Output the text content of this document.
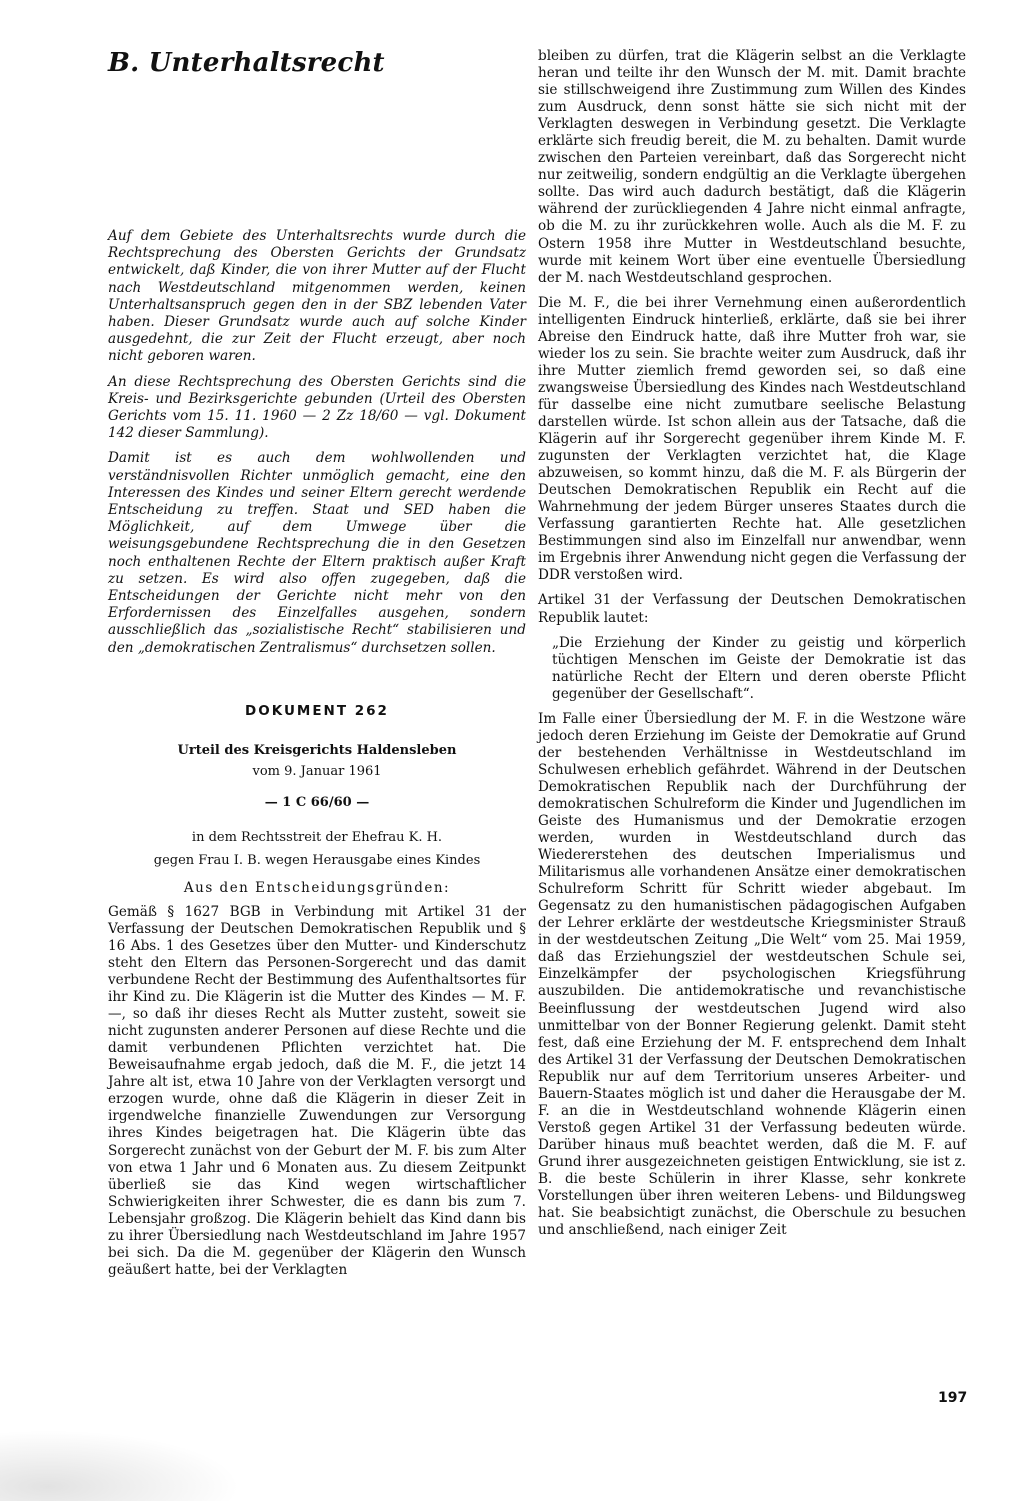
B. Unterhaltsrecht

Auf dem Gebiete des Unterhaltsrechts wurde durch die Rechtsprechung des Obersten Gerichts der Grundsatz entwickelt, daß Kinder, die von ihrer Mutter auf der Flucht nach Westdeutschland mitgenommen werden, keinen Unterhaltsanspruch gegen den in der SBZ lebenden Vater haben. Dieser Grundsatz wurde auch auf solche Kinder ausgedehnt, die zur Zeit der Flucht erzeugt, aber noch nicht geboren waren.

An diese Rechtsprechung des Obersten Gerichts sind die Kreis- und Bezirksgerichte gebunden (Urteil des Obersten Gerichts vom 15. 11. 1960 — 2 Zz 18/60 — vgl. Dokument 142 dieser Sammlung).

Damit ist es auch dem wohlwollenden und verständnisvollen Richter unmöglich gemacht, eine den Interessen des Kindes und seiner Eltern gerecht werdende Entscheidung zu treffen. Staat und SED haben die Möglichkeit, auf dem Umwege über die weisungsgebundene Rechtsprechung die in den Gesetzen noch enthaltenen Rechte der Eltern praktisch außer Kraft zu setzen. Es wird also offen zugegeben, daß die Entscheidungen der Gerichte nicht mehr von den Erfordernissen des Einzelfalles ausgehen, sondern ausschließlich das „sozialistische Recht“ stabilisieren und den „demokratischen Zentralismus“ durchsetzen sollen.

DOKUMENT 262
Urteil des Kreisgerichts Haldensleben
vom 9. Januar 1961
— 1 C 66/60 —
in dem Rechtsstreit der Ehefrau K. H.
gegen Frau I. B. wegen Herausgabe eines Kindes
Aus den Entscheidungsgründen:

Gemäß § 1627 BGB in Verbindung mit Artikel 31 der Verfassung der Deutschen Demokratischen Republik und § 16 Abs. 1 des Gesetzes über den Mutter- und Kinderschutz steht den Eltern das Personen-Sorgerecht und das damit verbundene Recht der Bestimmung des Aufenthaltsortes für ihr Kind zu. Die Klägerin ist die Mutter des Kindes — M. F. —, so daß ihr dieses Recht als Mutter zusteht, soweit sie nicht zugunsten anderer Personen auf diese Rechte und die damit verbundenen Pflichten verzichtet hat. Die Beweisaufnahme ergab jedoch, daß die M. F., die jetzt 14 Jahre alt ist, etwa 10 Jahre von der Verklagten versorgt und erzogen wurde, ohne daß die Klägerin in dieser Zeit in irgendwelche finanzielle Zuwendungen zur Versorgung ihres Kindes beigetragen hat. Die Klägerin übte das Sorgerecht zunächst von der Geburt der M. F. bis zum Alter von etwa 1 Jahr und 6 Monaten aus. Zu diesem Zeitpunkt überließ sie das Kind wegen wirtschaftlicher Schwierigkeiten ihrer Schwester, die es dann bis zum 7. Lebensjahr großzog. Die Klägerin behielt das Kind dann bis zu ihrer Übersiedlung nach Westdeutschland im Jahre 1957 bei sich. Da die M. gegenüber der Klägerin den Wunsch geäußert hatte, bei der Verklagten

bleiben zu dürfen, trat die Klägerin selbst an die Verklagte heran und teilte ihr den Wunsch der M. mit. Damit brachte sie stillschweigend ihre Zustimmung zum Willen des Kindes zum Ausdruck, denn sonst hätte sie sich nicht mit der Verklagten deswegen in Verbindung gesetzt. Die Verklagte erklärte sich freudig bereit, die M. zu behalten. Damit wurde zwischen den Parteien vereinbart, daß das Sorgerecht nicht nur zeitweilig, sondern endgültig an die Verklagte übergehen sollte. Das wird auch dadurch bestätigt, daß die Klägerin während der zurückliegenden 4 Jahre nicht einmal anfragte, ob die M. zu ihr zurückkehren wolle. Auch als die M. F. zu Ostern 1958 ihre Mutter in Westdeutschland besuchte, wurde mit keinem Wort über eine eventuelle Übersiedlung der M. nach Westdeutschland gesprochen.

Die M. F., die bei ihrer Vernehmung einen außerordentlich intelligenten Eindruck hinterließ, erklärte, daß sie bei ihrer Abreise den Eindruck hatte, daß ihre Mutter froh war, sie wieder los zu sein. Sie brachte weiter zum Ausdruck, daß ihr ihre Mutter ziemlich fremd geworden sei, so daß eine zwangsweise Übersiedlung des Kindes nach Westdeutschland für dasselbe eine nicht zumutbare seelische Belastung darstellen würde. Ist schon allein aus der Tatsache, daß die Klägerin auf ihr Sorgerecht gegenüber ihrem Kinde M. F. zugunsten der Verklagten verzichtet hat, die Klage abzuweisen, so kommt hinzu, daß die M. F. als Bürgerin der Deutschen Demokratischen Republik ein Recht auf die Wahrnehmung der jedem Bürger unseres Staates durch die Verfassung garantierten Rechte hat. Alle gesetzlichen Bestimmungen sind also im Einzelfall nur anwendbar, wenn im Ergebnis ihrer Anwendung nicht gegen die Verfassung der DDR verstoßen wird.

Artikel 31 der Verfassung der Deutschen Demokratischen Republik lautet:

„Die Erziehung der Kinder zu geistig und körperlich tüchtigen Menschen im Geiste der Demokratie ist das natürliche Recht der Eltern und deren oberste Pflicht gegenüber der Gesellschaft“.

Im Falle einer Übersiedlung der M. F. in die Westzone wäre jedoch deren Erziehung im Geiste der Demokratie auf Grund der bestehenden Verhältnisse in Westdeutschland im Schulwesen erheblich gefährdet. Während in der Deutschen Demokratischen Republik nach der Durchführung der demokratischen Schulreform die Kinder und Jugendlichen im Geiste des Humanismus und der Demokratie erzogen werden, wurden in Westdeutschland durch das Wiedererstehen des deutschen Imperialismus und Militarismus alle vorhandenen Ansätze einer demokratischen Schulreform Schritt für Schritt wieder abgebaut. Im Gegensatz zu den humanistischen pädagogischen Aufgaben der Lehrer erklärte der westdeutsche Kriegsminister Strauß in der westdeutschen Zeitung „Die Welt“ vom 25. Mai 1959, daß das Erziehungsziel der westdeutschen Schule sei, Einzelkämpfer der psychologischen Kriegsführung auszubilden. Die antidemokratische und revanchistische Beeinflussung der westdeutschen Jugend wird also unmittelbar von der Bonner Regierung gelenkt. Damit steht fest, daß eine Erziehung der M. F. entsprechend dem Inhalt des Artikel 31 der Verfassung der Deutschen Demokratischen Republik nur auf dem Territorium unseres Arbeiter- und Bauern-Staates möglich ist und daher die Herausgabe der M. F. an die in Westdeutschland wohnende Klägerin einen Verstoß gegen Artikel 31 der Verfassung bedeuten würde. Darüber hinaus muß beachtet werden, daß die M. F. auf Grund ihrer ausgezeichneten geistigen Entwicklung, sie ist z. B. die beste Schülerin in ihrer Klasse, sehr konkrete Vorstellungen über ihren weiteren Lebens- und Bildungsweg hat. Sie beabsichtigt zunächst, die Oberschule zu besuchen und anschließend, nach einiger Zeit

197
